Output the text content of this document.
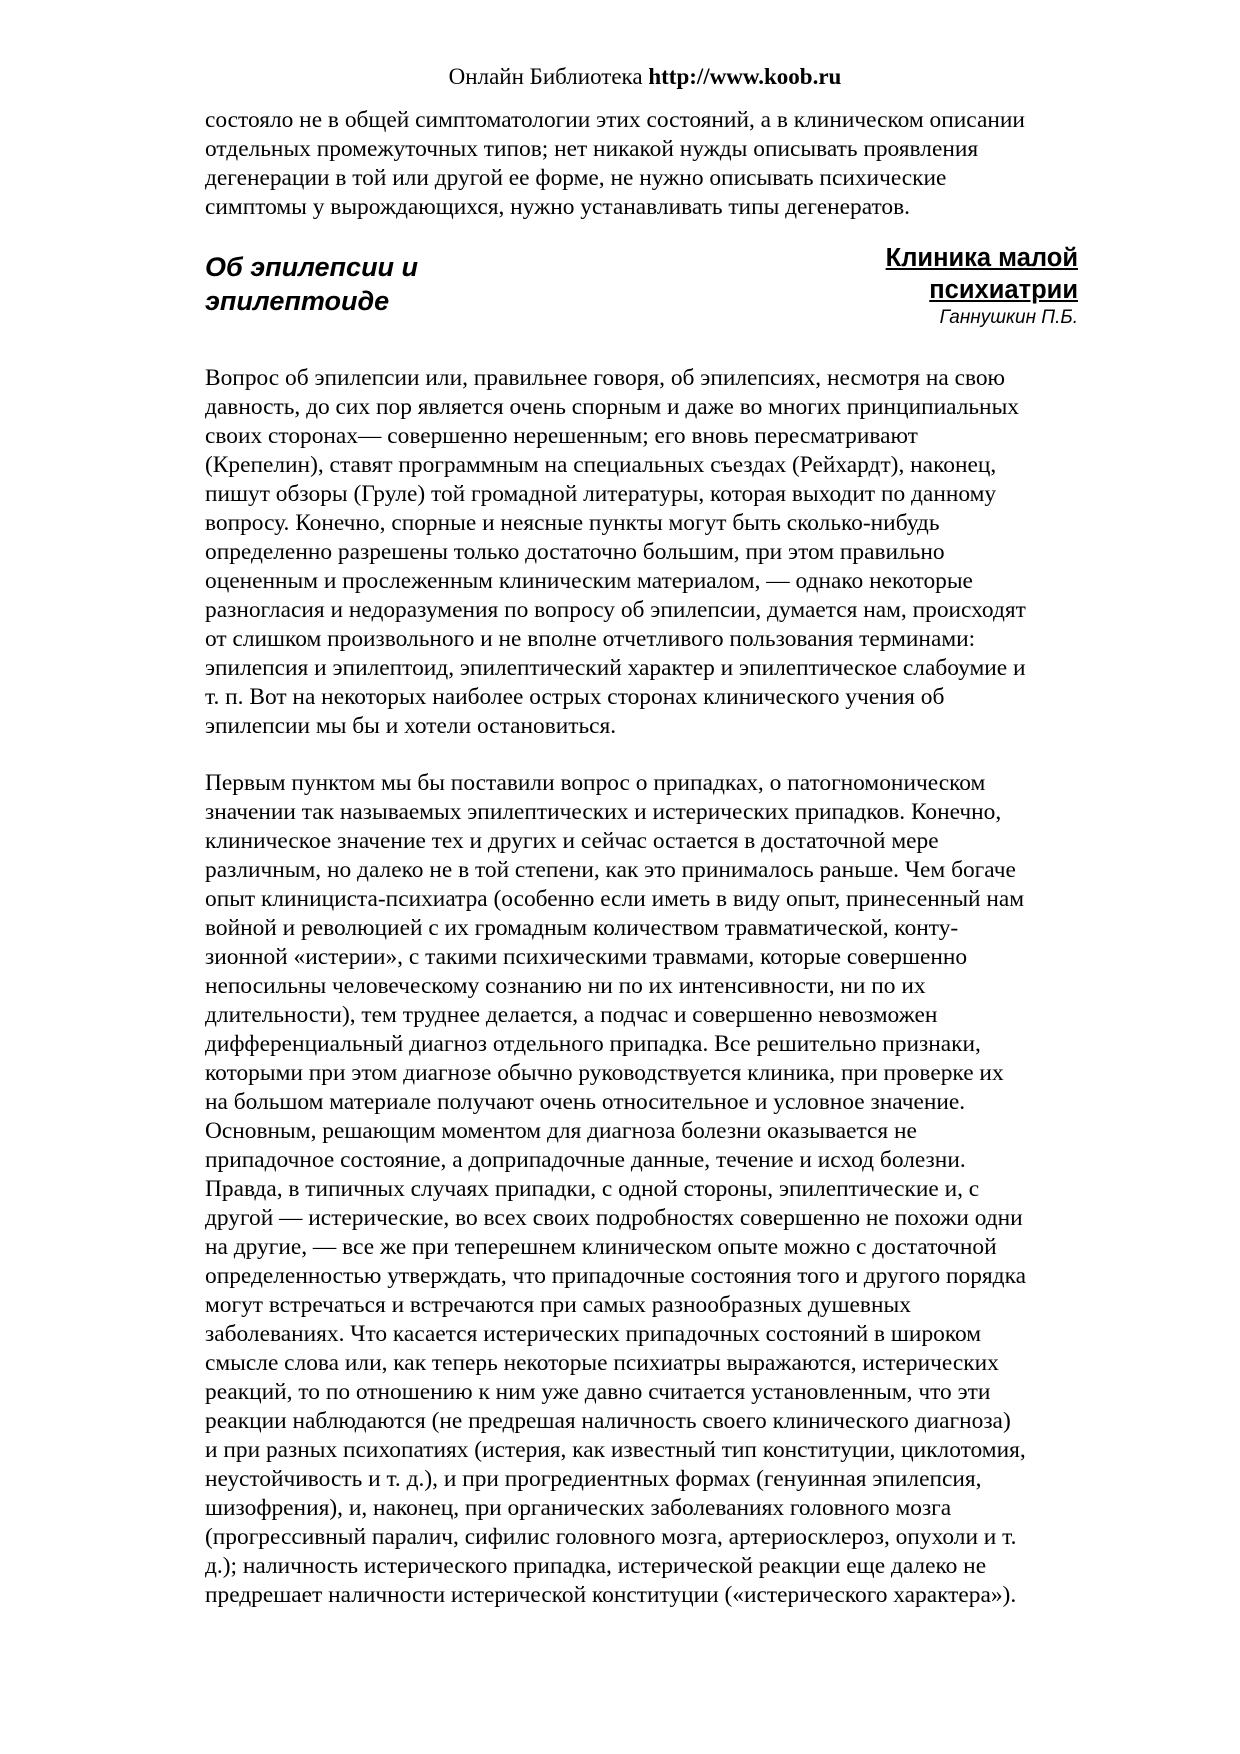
Онлайн Библиотека http://www.koob.ru

состояло не в общей симптоматологии этих состояний, а в клиническом описании
отдельных промежуточных типов; нет никакой нужды описывать проявления
дегенерации в той или другой ее форме, не нужно описывать психические
симптомы у вырождающихся, нужно устанавливать типы дегенератов.

Об эпилепсии и
эпилептоиде
Клиника малой
психиатрии
Ганнушкин П.Б.

Вопрос об эпилепсии или, правильнее говоря, об эпилепсиях, несмотря на свою
давность, до сих пор является очень спорным и даже во многих принципиальных
своих сторонах— совершенно нерешенным; его вновь пересматривают
(Крепелин), ставят программным на специальных съездах (Рейхардт), наконец,
пишут обзоры (Груле) той громадной литературы, которая выходит по данному
вопросу. Конечно, спорные и неясные пункты могут быть сколько-нибудь
определенно разрешены только достаточно большим, при этом правильно
оцененным и прослеженным клиническим материалом, — однако некоторые
разногласия и недоразумения по вопросу об эпилепсии, думается нам, происходят
от слишком произвольного и не вполне отчетливого пользования терминами:
эпилепсия и эпилептоид, эпилептический характер и эпилептическое слабоумие и
т. п. Вот на некоторых наиболее острых сторонах клинического учения об
эпилепсии мы бы и хотели остановиться.

Первым пунктом мы бы поставили вопрос о припадках, о патогномоническом
значении так называемых эпилептических и истерических припадков. Конечно,
клиническое значение тех и других и сейчас остается в достаточной мере
различным, но далеко не в той степени, как это принималось раньше. Чем богаче
опыт клинициста-психиатра (особенно если иметь в виду опыт, принесенный нам
войной и революцией с их громадным количеством травматической, конту-
зионной «истерии», с такими психическими травмами, которые совершенно
непосильны человеческому сознанию ни по их интенсивности, ни по их
длительности), тем труднее делается, а подчас и совершенно невозможен
дифференциальный диагноз отдельного припадка. Все решительно признаки,
которыми при этом диагнозе обычно руководствуется клиника, при проверке их
на большом материале получают очень относительное и условное значение.
Основным, решающим моментом для диагноза болезни оказывается не
припадочное состояние, а дoприпадочные данные, течение и исход болезни.
Правда, в типичных случаях припадки, с одной стороны, эпилептические и, с
другой — истерические, во всех своих подробностях совершенно не похожи одни
на другие, — все же при теперешнем клиническом опыте можно с достаточной
определенностью утверждать, что припадочные состояния того и другого порядка
могут встречаться и встречаются при самых разнообразных душевных
заболеваниях. Что касается истерических припадочных состояний в широком
смысле слова или, как теперь некоторые психиатры выражаются, истерических
реакций, то по отношению к ним уже давно считается установленным, что эти
реакции наблюдаются (не предрешая наличность своего клинического диагноза)
и при разных психопатиях (истерия, как известный тип конституции, циклотомия,
неустойчивость и т. д.), и при прогредиентных формах (генуинная эпилепсия,
шизофрения), и, наконец, при органических заболеваниях головного мозга
(прогрессивный паралич, сифилис головного мозга, артериосклероз, опухоли и т.
д.); наличность истерического припадка, истерической реакции еще далеко не
предрешает наличности истерической конституции («истерического характера»).
